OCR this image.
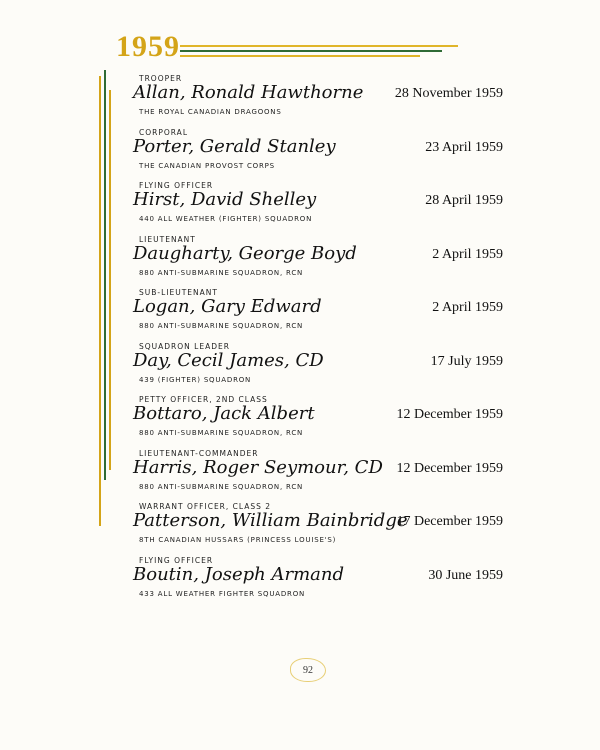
1959
TROOPER
Allan, Ronald Hawthorne
THE ROYAL CANADIAN DRAGOONS
28 November 1959
CORPORAL
Porter, Gerald Stanley
THE CANADIAN PROVOST CORPS
23 April 1959
FLYING OFFICER
Hirst, David Shelley
440 ALL WEATHER (FIGHTER) SQUADRON
28 April 1959
LIEUTENANT
Daugharty, George Boyd
880 ANTI-SUBMARINE SQUADRON, RCN
2 April 1959
SUB-LIEUTENANT
Logan, Gary Edward
880 ANTI-SUBMARINE SQUADRON, RCN
2 April 1959
SQUADRON LEADER
Day, Cecil James, CD
439 (FIGHTER) SQUADRON
17 July 1959
PETTY OFFICER, 2ND CLASS
Bottaro, Jack Albert
880 ANTI-SUBMARINE SQUADRON, RCN
12 December 1959
LIEUTENANT-COMMANDER
Harris, Roger Seymour, CD
880 ANTI-SUBMARINE SQUADRON, RCN
12 December 1959
WARRANT OFFICER, CLASS 2
Patterson, William Bainbridge
8TH CANADIAN HUSSARS (PRINCESS LOUISE'S)
17 December 1959
FLYING OFFICER
Boutin, Joseph Armand
433 ALL WEATHER FIGHTER SQUADRON
30 June 1959
92
